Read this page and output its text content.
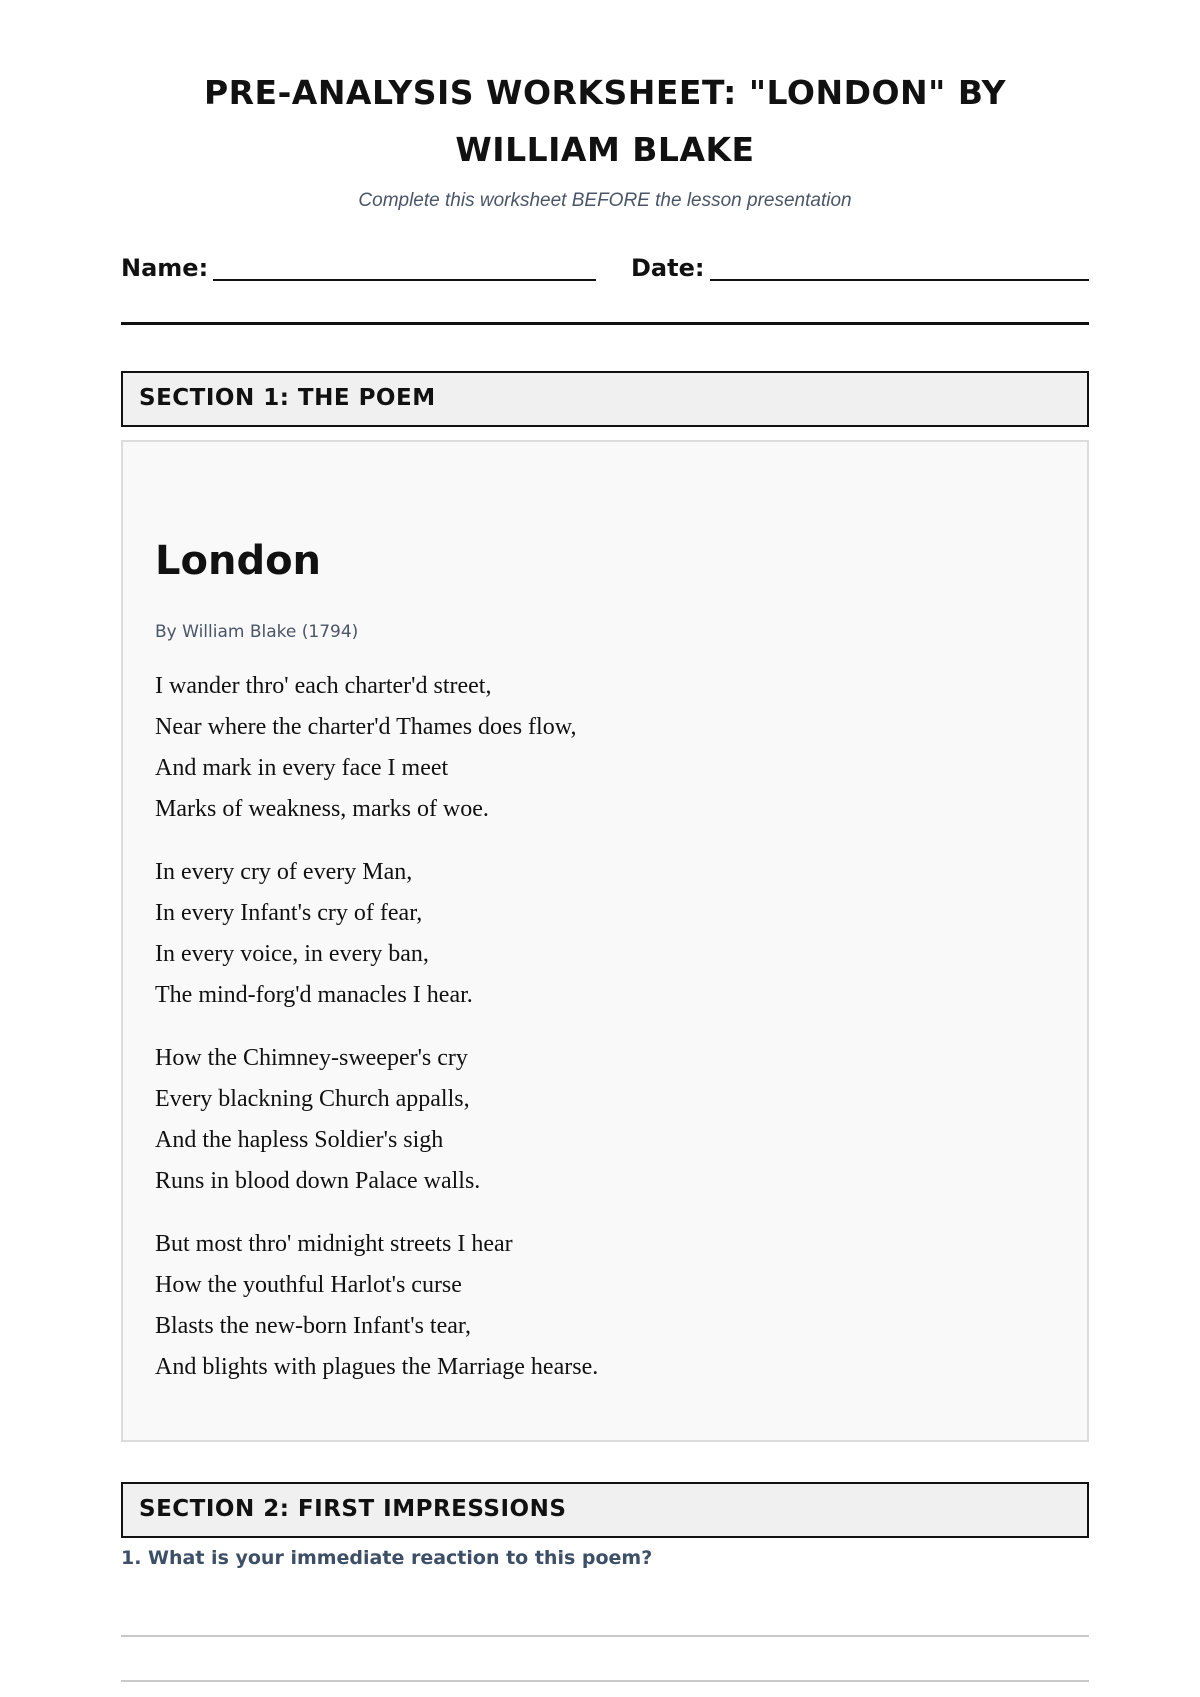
PRE-ANALYSIS WORKSHEET: "LONDON" BY WILLIAM BLAKE
Complete this worksheet BEFORE the lesson presentation
Name:	Date:
SECTION 1: THE POEM
London
By William Blake (1794)
I wander thro' each charter'd street,
Near where the charter'd Thames does flow,
And mark in every face I meet
Marks of weakness, marks of woe.
In every cry of every Man,
In every Infant's cry of fear,
In every voice, in every ban,
The mind-forg'd manacles I hear.
How the Chimney-sweeper's cry
Every blackning Church appalls,
And the hapless Soldier's sigh
Runs in blood down Palace walls.
But most thro' midnight streets I hear
How the youthful Harlot's curse
Blasts the new-born Infant's tear,
And blights with plagues the Marriage hearse.
SECTION 2: FIRST IMPRESSIONS
1. What is your immediate reaction to this poem?
